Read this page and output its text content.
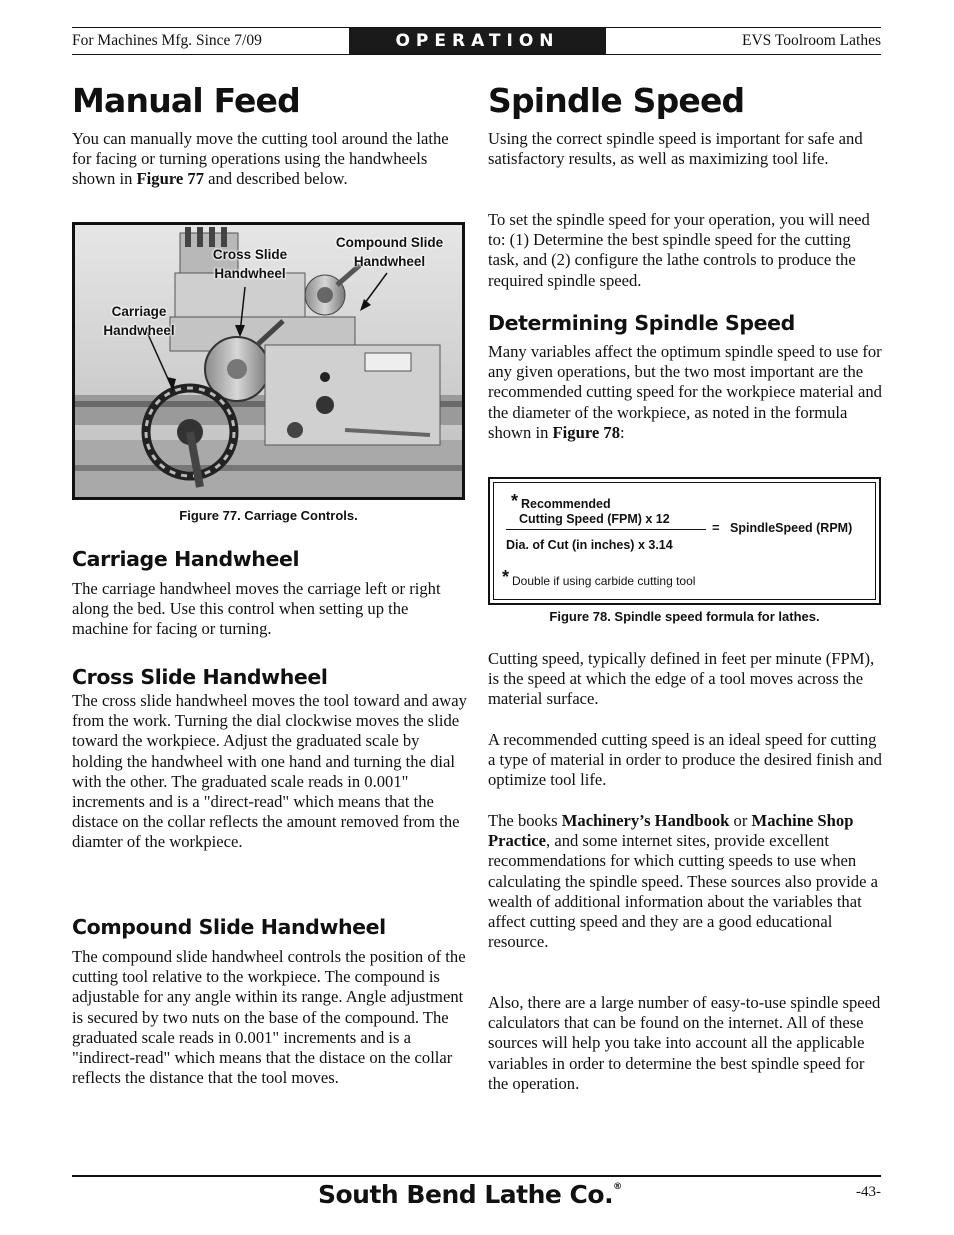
For Machines Mfg. Since 7/09	OPERATION	EVS Toolroom Lathes
Manual Feed

You can manually move the cutting tool around the lathe for facing or turning operations using the handwheels shown in Figure 77 and described below.

Cross Slide
Handwheel
Compound Slide
Handwheel
Carriage
Handwheel
Figure 77. Carriage Controls.
Carriage Handwheel

The carriage handwheel moves the carriage left or right along the bed. Use this control when setting up the machine for facing or turning.

Cross Slide Handwheel

The cross slide handwheel moves the tool toward and away from the work. Turning the dial clockwise moves the slide toward the workpiece. Adjust the graduated scale by holding the handwheel with one hand and turning the dial with the other. The graduated scale reads in 0.001" increments and is a "direct-read" which means that the distace on the collar reflects the amount removed from the diamter of the workpiece.

Compound Slide Handwheel

The compound slide handwheel controls the position of the cutting tool relative to the workpiece. The compound is adjustable for any angle within its range. Angle adjustment is secured by two nuts on the base of the compound. The graduated scale reads in 0.001" increments and is a "indirect-read" which means that the distace on the collar reflects the distance that the tool moves.

Spindle Speed

Using the correct spindle speed is important for safe and satisfactory results, as well as maximizing tool life.

To set the spindle speed for your operation, you will need to: (1) Determine the best spindle speed for the cutting task, and (2) configure the lathe controls to produce the required spindle speed.

Determining Spindle Speed

Many variables affect the optimum spindle speed to use for any given operations, but the two most important are the recommended cutting speed for the workpiece material and the diameter of the workpiece, as noted in the formula shown in Figure 78:

* Recommended
Cutting Speed (FPM) x 12
Dia. of Cut (in inches) x 3.14
= SpindleSpeed (RPM)
* Double if using carbide cutting tool
Figure 78. Spindle speed formula for lathes.

Cutting speed, typically defined in feet per minute (FPM), is the speed at which the edge of a tool moves across the material surface.

A recommended cutting speed is an ideal speed for cutting a type of material in order to produce the desired finish and optimize tool life.

The books Machinery’s Handbook or Machine Shop Practice, and some internet sites, provide excellent recommendations for which cutting speeds to use when calculating the spindle speed. These sources also provide a wealth of additional information about the variables that affect cutting speed and they are a good educational resource.

Also, there are a large number of easy-to-use spindle speed calculators that can be found on the internet. All of these sources will help you take into account all the applicable variables in order to determine the best spindle speed for the operation.

South Bend Lathe Co.®	-43-
